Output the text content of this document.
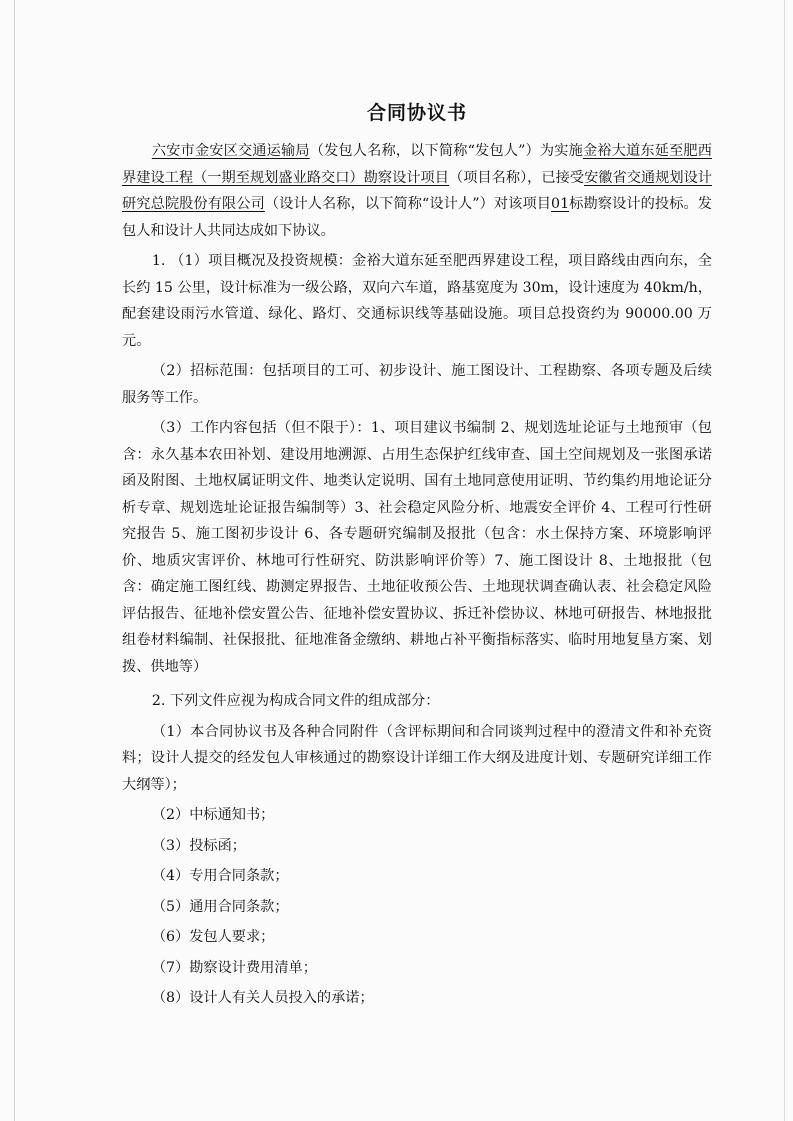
合同协议书

六安市金安区交通运输局（发包人名称，以下简称“发包人”）为实施金裕大道东延至肥西界建设工程（一期至规划盛业路交口）勘察设计项目（项目名称），已接受安徽省交通规划设计研究总院股份有限公司（设计人名称，以下简称“设计人”）对该项目01标勘察设计的投标。发包人和设计人共同达成如下协议。

1. （1）项目概况及投资规模：金裕大道东延至肥西界建设工程，项目路线由西向东，全长约 15 公里，设计标准为一级公路，双向六车道，路基宽度为 30m，设计速度为 40km/h，配套建设雨污水管道、绿化、路灯、交通标识线等基础设施。项目总投资约为 90000.00 万元。

（2）招标范围：包括项目的工可、初步设计、施工图设计、工程勘察、各项专题及后续服务等工作。

（3）工作内容包括（但不限于）：1、项目建议书编制 2、规划选址论证与土地预审（包含：永久基本农田补划、建设用地溯源、占用生态保护红线审查、国土空间规划及一张图承诺函及附图、土地权属证明文件、地类认定说明、国有土地同意使用证明、节约集约用地论证分析专章、规划选址论证报告编制等）3、社会稳定风险分析、地震安全评价 4、工程可行性研究报告 5、施工图初步设计 6、各专题研究编制及报批（包含：水土保持方案、环境影响评价、地质灾害评价、林地可行性研究、防洪影响评价等）7、施工图设计 8、土地报批（包含：确定施工图红线、勘测定界报告、土地征收预公告、土地现状调查确认表、社会稳定风险评估报告、征地补偿安置公告、征地补偿安置协议、拆迁补偿协议、林地可研报告、林地报批组卷材料编制、社保报批、征地准备金缴纳、耕地占补平衡指标落实、临时用地复垦方案、划拨、供地等）

2. 下列文件应视为构成合同文件的组成部分：

（1）本合同协议书及各种合同附件（含评标期间和合同谈判过程中的澄清文件和补充资料；设计人提交的经发包人审核通过的勘察设计详细工作大纲及进度计划、专题研究详细工作大纲等）；

（2）中标通知书；

（3）投标函；

（4）专用合同条款；

（5）通用合同条款；

（6）发包人要求；

（7）勘察设计费用清单；

（8）设计人有关人员投入的承诺；
